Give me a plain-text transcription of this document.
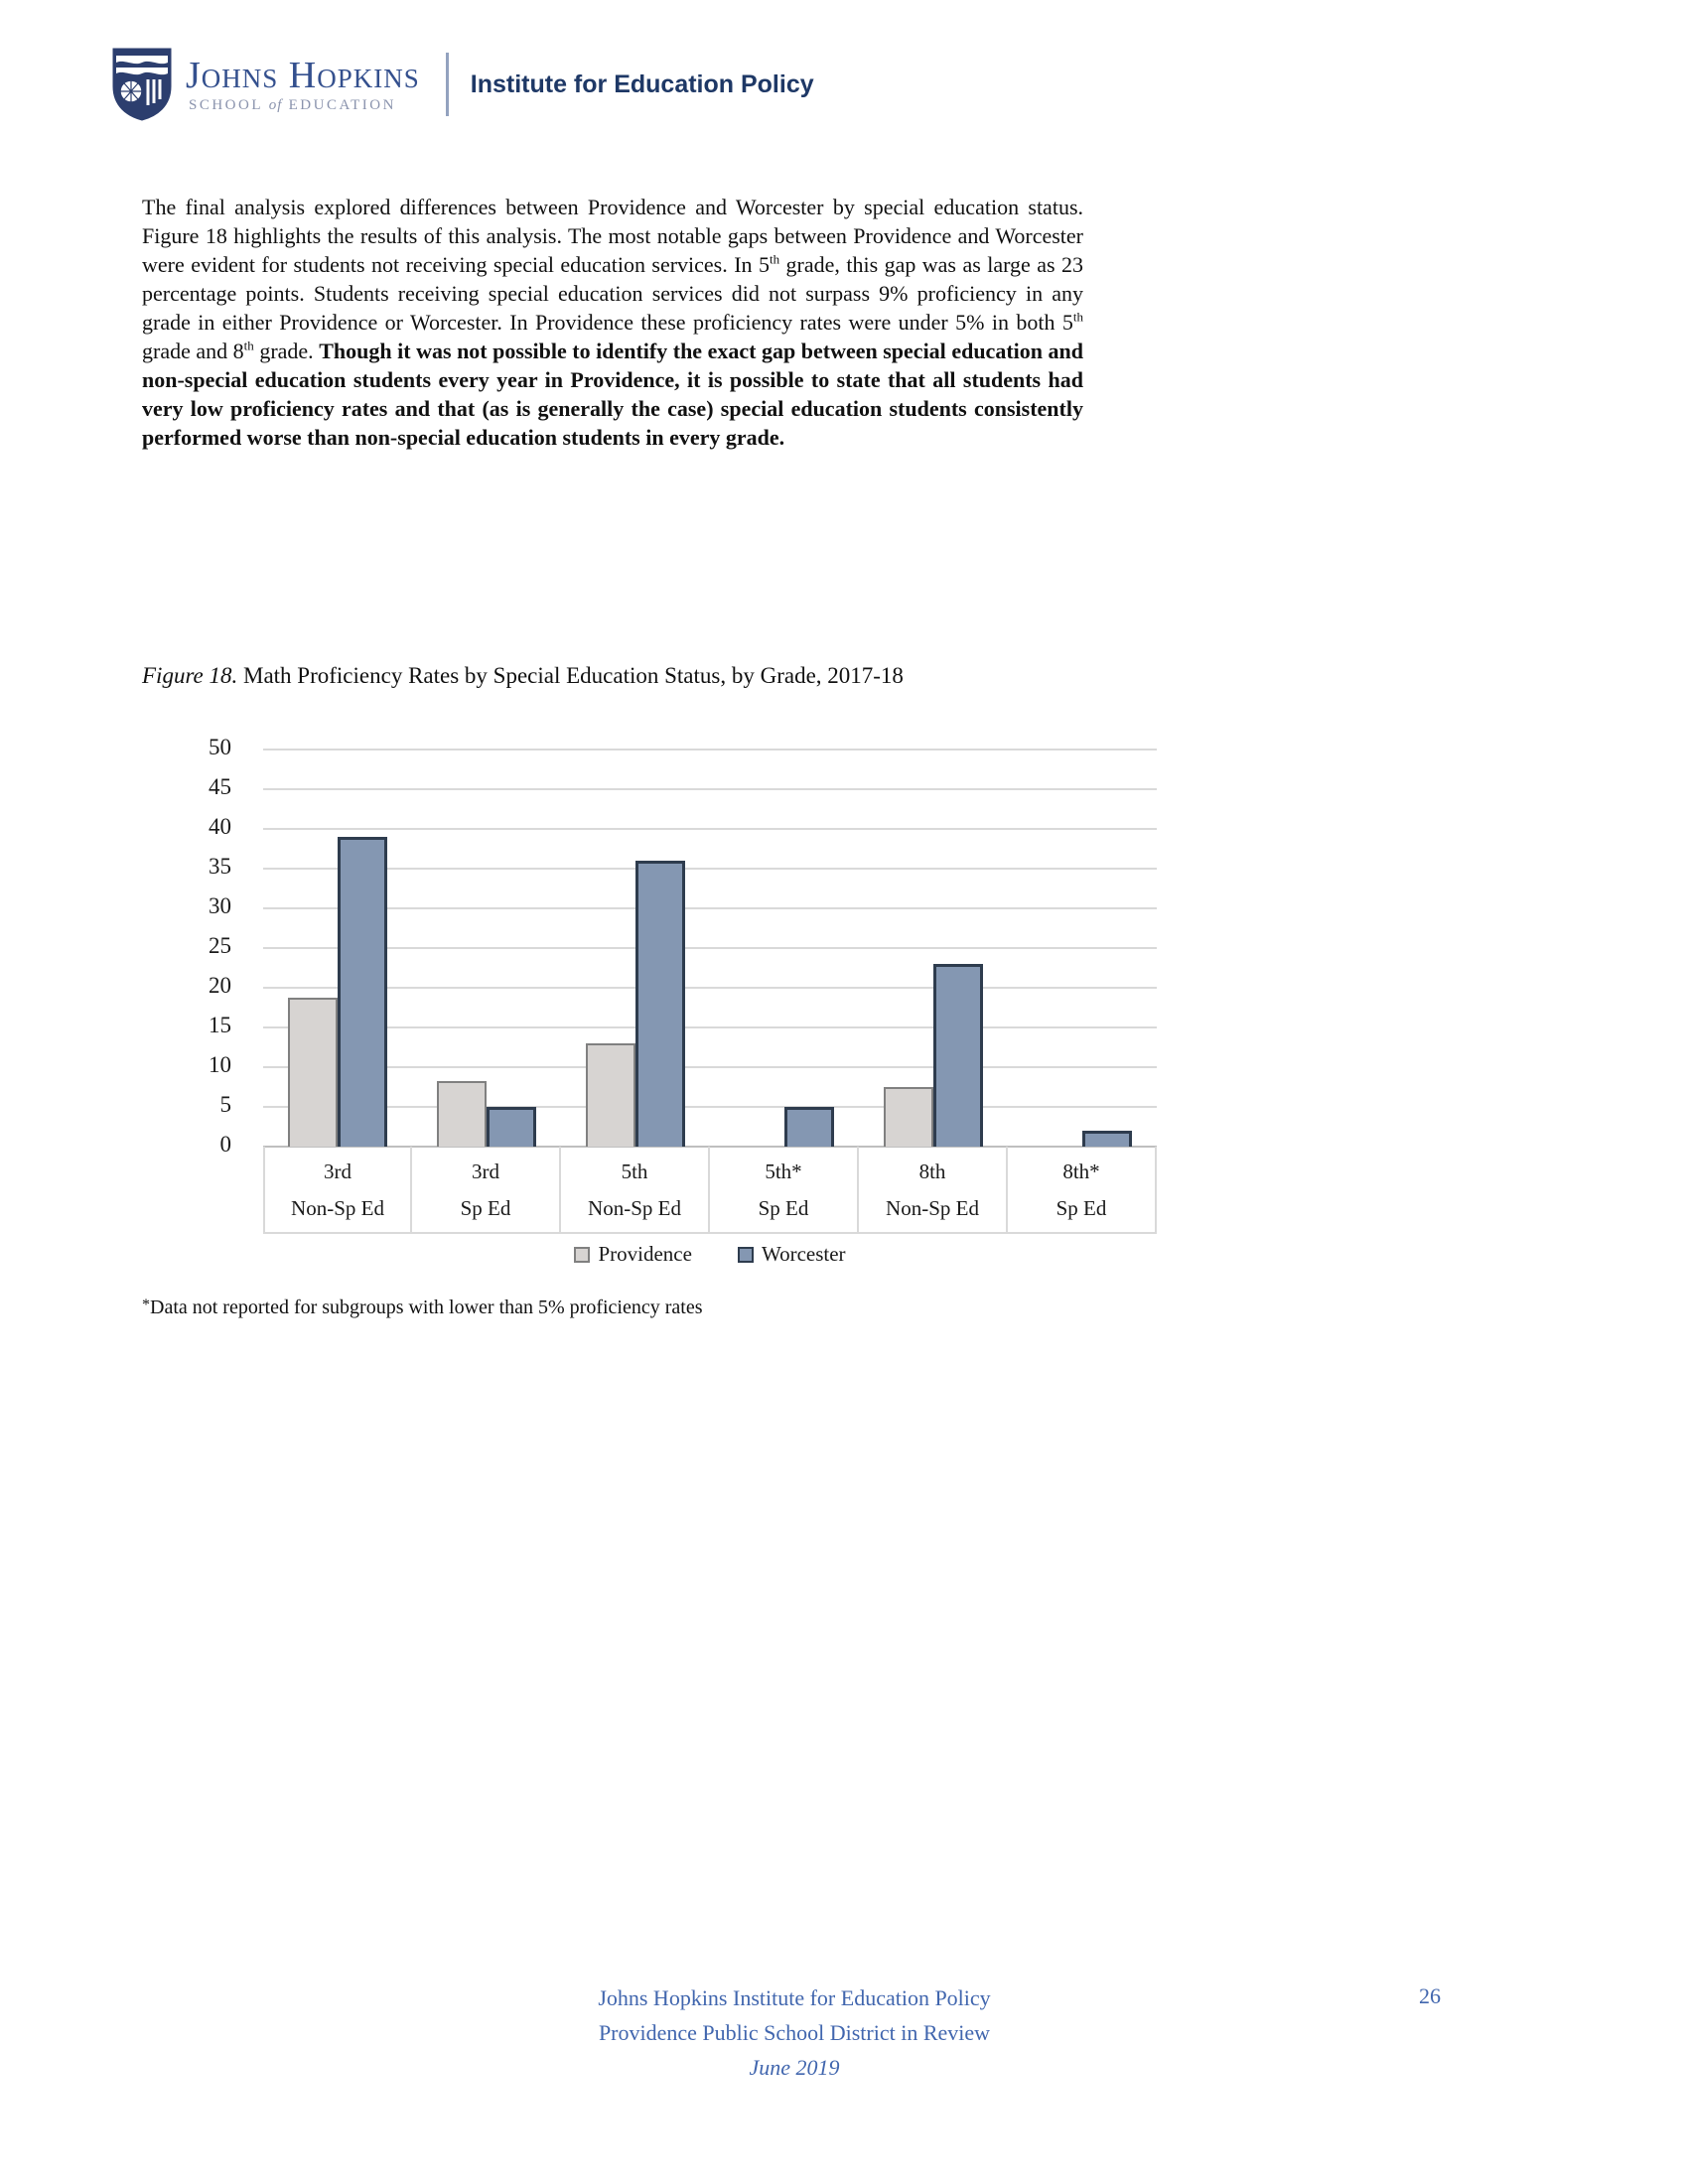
Johns Hopkins
SCHOOL of EDUCATION
Institute for Education Policy

The final analysis explored differences between Providence and Worcester by special education status. Figure 18 highlights the results of this analysis. The most notable gaps between Providence and Worcester were evident for students not receiving special education services. In 5th grade, this gap was as large as 23 percentage points. Students receiving special education services did not surpass 9% proficiency in any grade in either Providence or Worcester. In Providence these proficiency rates were under 5% in both 5th grade and 8th grade. Though it was not possible to identify the exact gap between special education and non-special education students every year in Providence, it is possible to state that all students had very low proficiency rates and that (as is generally the case) special education students consistently performed worse than non-special education students in every grade.

Figure 18. Math Proficiency Rates by Special Education Status, by Grade, 2017-18
0
5
10
15
20
25
30
35
40
45
50
3rd
Non-Sp Ed
3rd
Sp Ed
5th
Non-Sp Ed
5th*
Sp Ed
8th
Non-Sp Ed
8th*
Sp Ed
Providence	Worcester
*Data not reported for subgroups with lower than 5% proficiency rates
Johns Hopkins Institute for Education Policy
Providence Public School District in Review
June 2019
26
